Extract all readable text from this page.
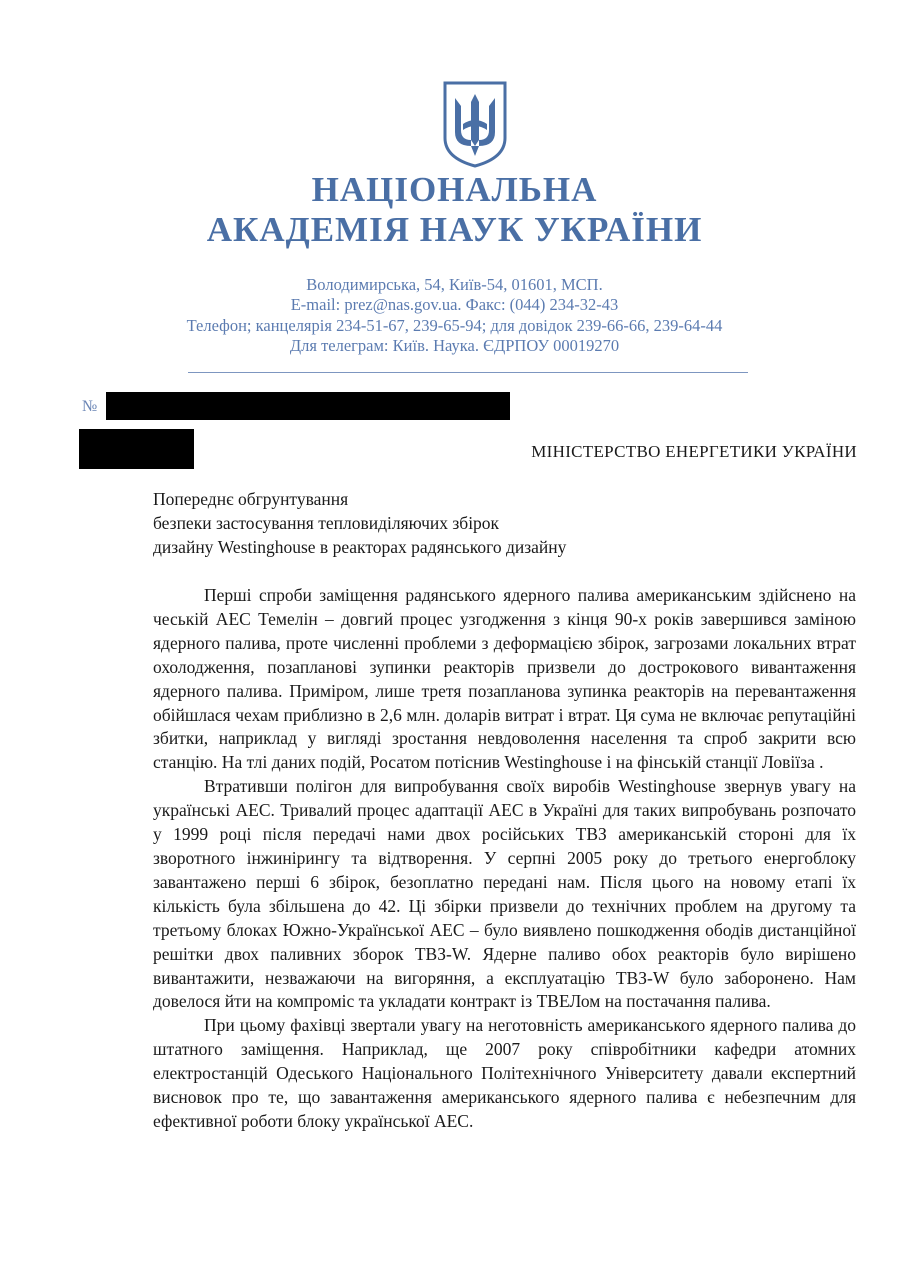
НАЦІОНАЛЬНА
АКАДЕМІЯ НАУК УКРАЇНИ
Володимирська, 54, Київ-54, 01601, МСП.
E-mail: prez@nas.gov.ua. Факс: (044) 234-32-43
Телефон; канцелярія 234-51-67, 239-65-94; для довідок 239-66-66, 239-64-44
Для телеграм: Київ. Наука. ЄДРПОУ 00019270
№
МІНІСТЕРСТВО ЕНЕРГЕТИКИ УКРАЇНИ
Попереднє обгрунтування
безпеки застосування тепловиділяючих збірок
дизайну Westinghouse в реакторах радянського дизайну

Перші спроби заміщення радянського ядерного палива американським здійснено на чеській АЕС Темелін – довгий процес узгодження з кінця 90-х років завершився заміною ядерного палива, проте численні проблеми з деформацією збірок, загрозами локальних втрат охолодження, позапланові зупинки реакторів призвели до дострокового вивантаження ядерного палива. Приміром, лише третя позапланова зупинка реакторів на перевантаження обійшлася чехам приблизно в 2,6 млн. доларів витрат і втрат. Ця сума не включає репутаційні збитки, наприклад у вигляді зростання невдоволення населення та спроб закрити всю станцію. На тлі даних подій, Росатом потіснив Westinghouse і на фінській станції Ловіїза .

Втративши полігон для випробування своїх виробів Westinghouse звернув увагу на українські АЕС. Тривалий процес адаптації АЕС в Україні для таких випробувань розпочато у 1999 році після передачі нами двох російських ТВЗ американській стороні для їх зворотного інжинірингу та відтворення. У серпні 2005 року до третього енергоблоку завантажено перші 6 збірок, безоплатно передані нам. Після цього на новому етапі їх кількість була збільшена до 42. Ці збірки призвели до технічних проблем на другому та третьому блоках Южно-Української АЕС – було виявлено пошкодження ободів дистанційної решітки двох паливних зборок ТВЗ-W. Ядерне паливо обох реакторів було вирішено вивантажити, незважаючи на вигоряння, а експлуатацію ТВЗ-W було заборонено. Нам довелося йти на компроміс та укладати контракт із ТВЕЛом на постачання палива.

При цьому фахівці звертали увагу на неготовність американського ядерного палива до штатного заміщення. Наприклад, ще 2007 року співробітники кафедри атомних електростанцій Одеського Національного Політехнічного Університету давали експертний висновок про те, що завантаження американського ядерного палива є небезпечним для ефективної роботи блоку української АЕС.
